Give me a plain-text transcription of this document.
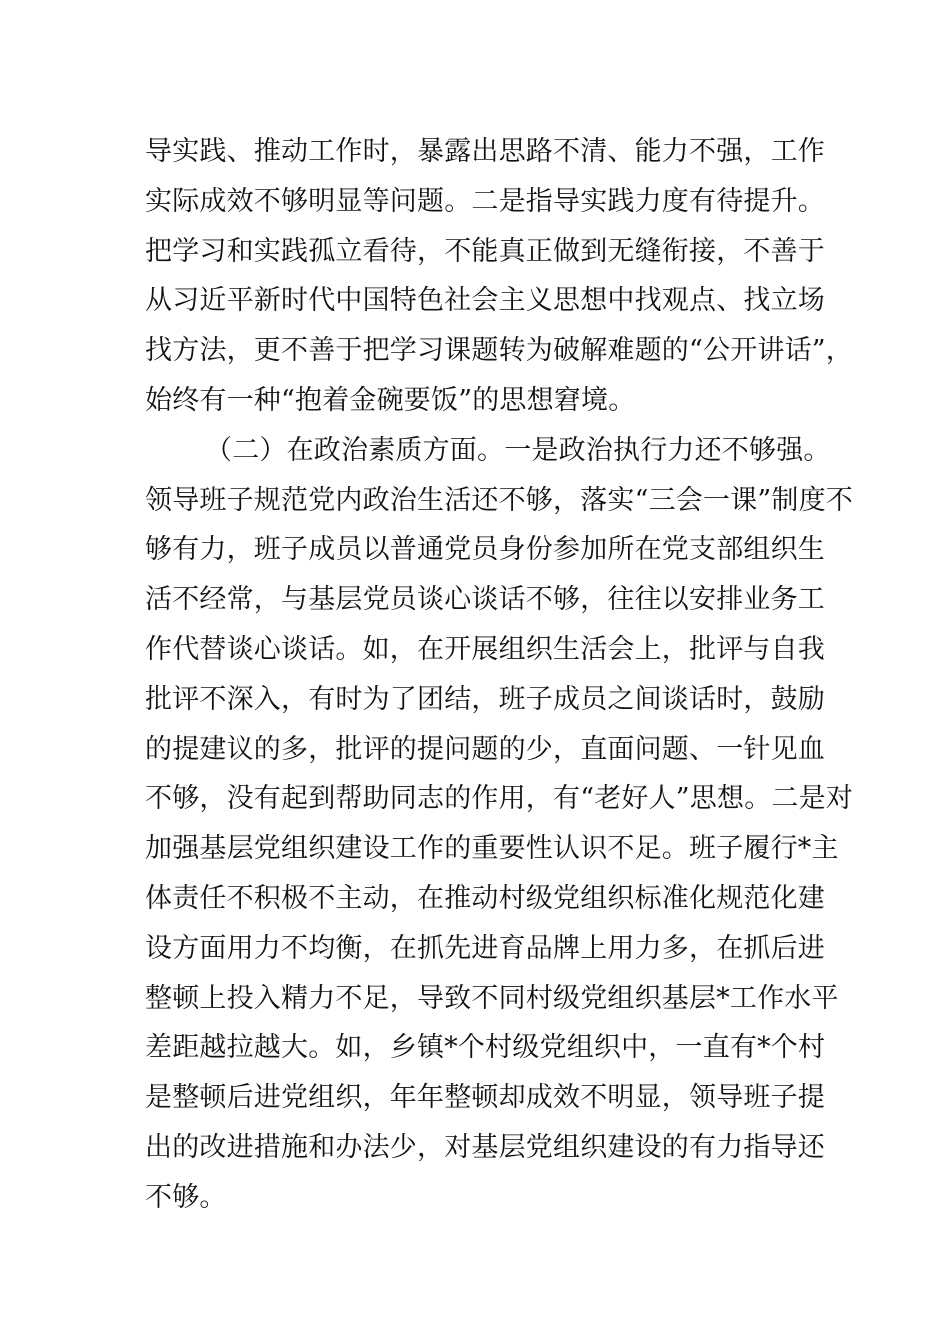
导实践、推动工作时，暴露出思路不清、能力不强，工作
实际成效不够明显等问题。二是指导实践力度有待提升。
把学习和实践孤立看待，不能真正做到无缝衔接，不善于
从习近平新时代中国特色社会主义思想中找观点、找立场
找方法，更不善于把学习课题转为破解难题的“公开讲话”，
始终有一种“抱着金碗要饭”的思想窘境。
（二）在政治素质方面。一是政治执行力还不够强。
领导班子规范党内政治生活还不够，落实“三会一课”制度不
够有力，班子成员以普通党员身份参加所在党支部组织生
活不经常，与基层党员谈心谈话不够，往往以安排业务工
作代替谈心谈话。如，在开展组织生活会上，批评与自我
批评不深入，有时为了团结，班子成员之间谈话时，鼓励
的提建议的多，批评的提问题的少，直面问题、一针见血
不够，没有起到帮助同志的作用，有“老好人”思想。二是对
加强基层党组织建设工作的重要性认识不足。班子履行*主
体责任不积极不主动，在推动村级党组织标准化规范化建
设方面用力不均衡，在抓先进育品牌上用力多，在抓后进
整顿上投入精力不足，导致不同村级党组织基层*工作水平
差距越拉越大。如，乡镇*个村级党组织中，一直有*个村
是整顿后进党组织，年年整顿却成效不明显，领导班子提
出的改进措施和办法少，对基层党组织建设的有力指导还
不够。
